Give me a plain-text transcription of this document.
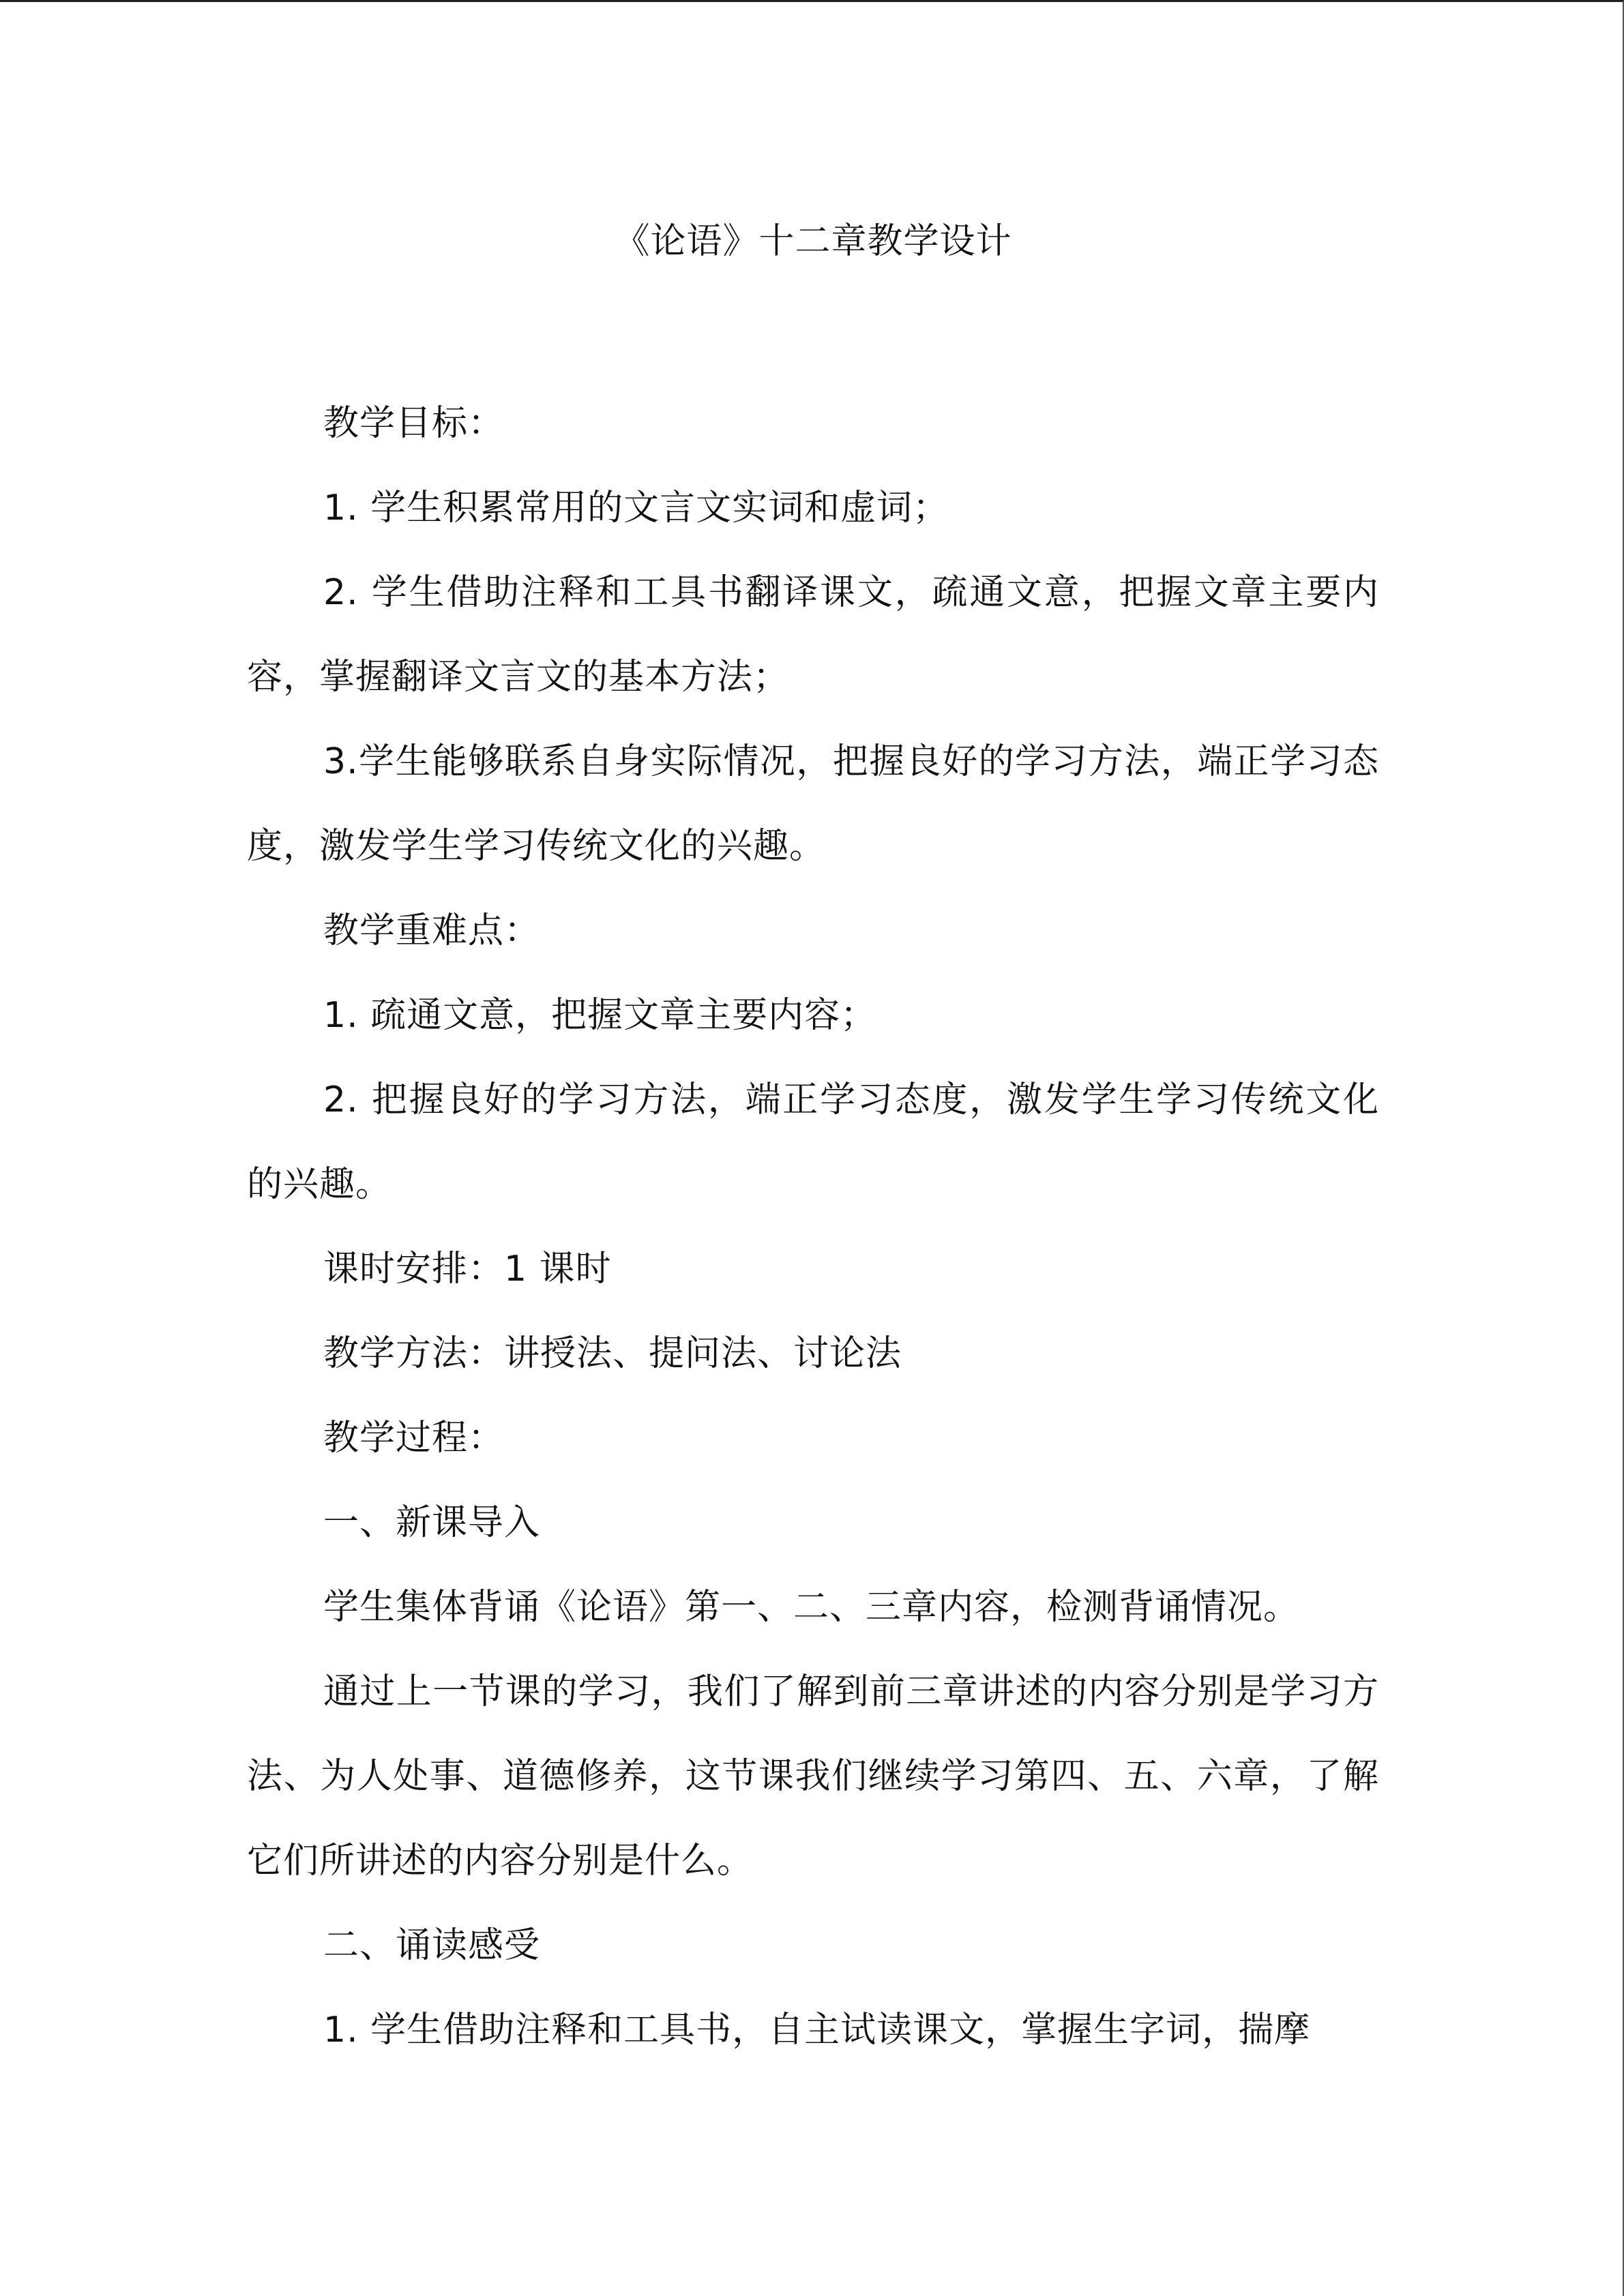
《论语》十二章教学设计

教学目标：

1. 学生积累常用的文言文实词和虚词；

2. 学生借助注释和工具书翻译课文，疏通文意，把握文章主要内容，掌握翻译文言文的基本方法；

3.学生能够联系自身实际情况，把握良好的学习方法，端正学习态度，激发学生学习传统文化的兴趣。

教学重难点：

1. 疏通文意，把握文章主要内容；

2. 把握良好的学习方法，端正学习态度，激发学生学习传统文化的兴趣。

课时安排：1 课时

教学方法：讲授法、提问法、讨论法

教学过程：

一、新课导入

学生集体背诵《论语》第一、二、三章内容，检测背诵情况。

通过上一节课的学习，我们了解到前三章讲述的内容分别是学习方法、为人处事、道德修养，这节课我们继续学习第四、五、六章，了解它们所讲述的内容分别是什么。

二、诵读感受

1. 学生借助注释和工具书，自主试读课文，掌握生字词，揣摩
